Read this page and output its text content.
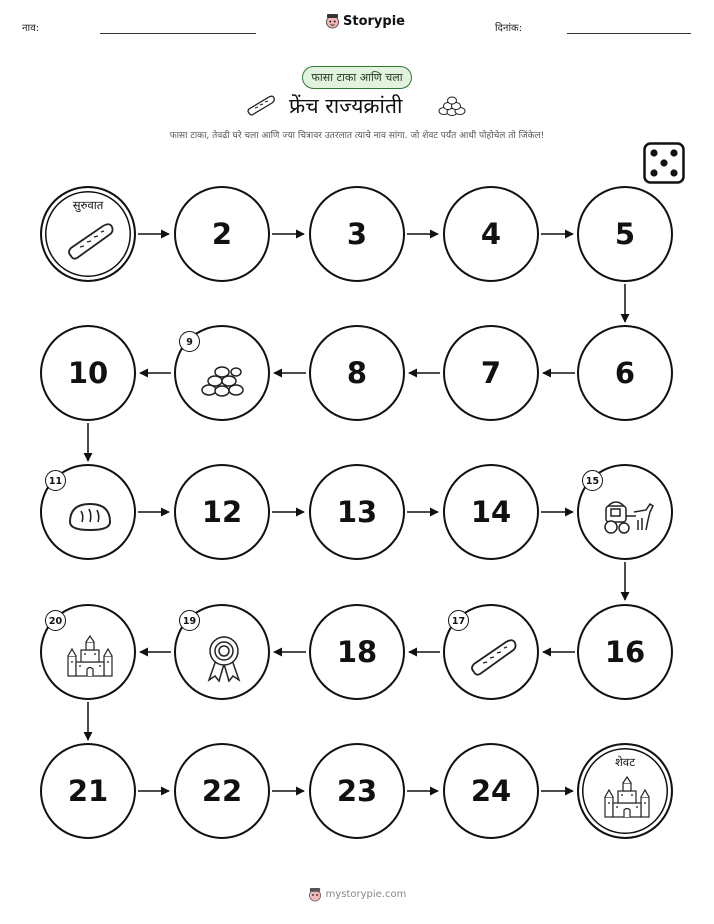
नाव:	Storypie	दिनांक:
फासा टाका आणि चला
फ्रेंच राज्यक्रांती
फासा टाका, तेवढी घरे चला आणि ज्या चित्रावर उतरलात त्याचे नाव सांगा. जो शेवट पर्यंत आधी पोहोचेल तो जिंकेल!
सुरुवात
2	3	4	5
6
7
8
9
10
11
12	13	14
15
16
17
18
19
20
21	22	23	24
शेवट
mystorypie.com
